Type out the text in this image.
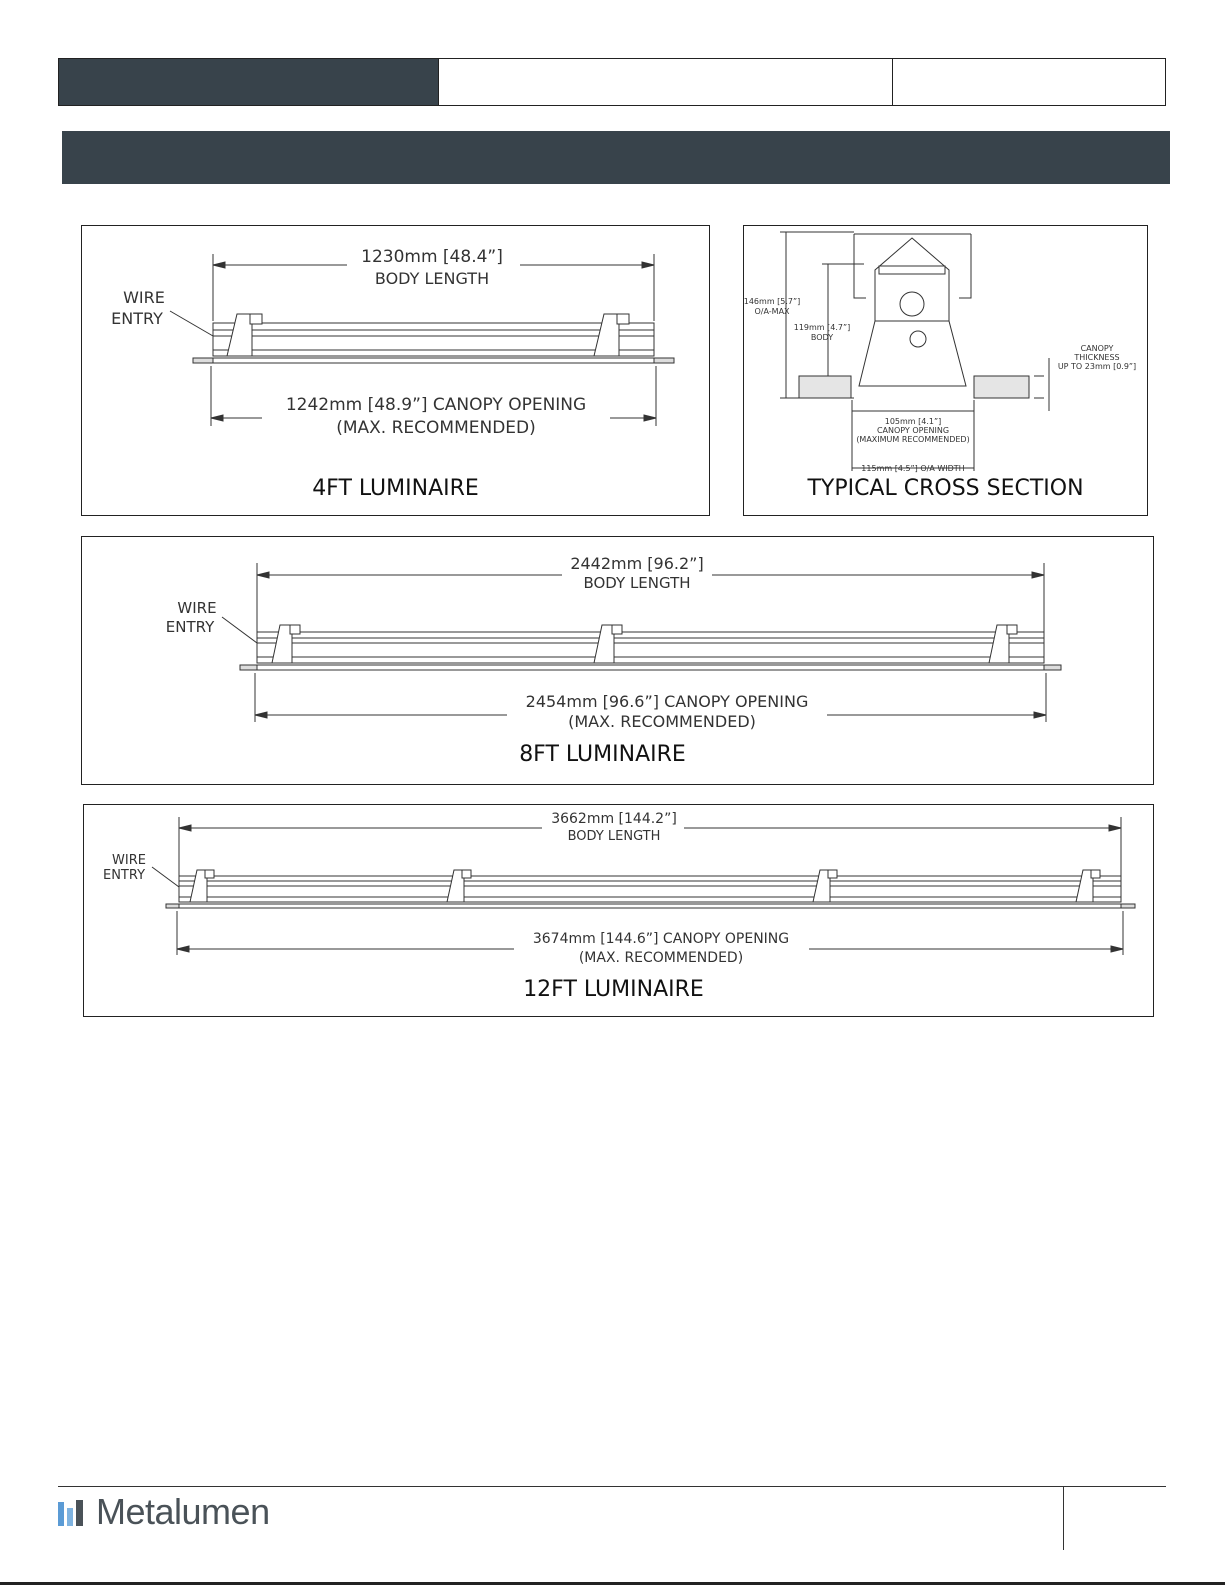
1230mm [48.4”]
BODY LENGTH
WIRE
ENTRY
1242mm [48.9”] CANOPY OPENING
(MAX. RECOMMENDED)
4FT LUMINAIRE
146mm [5.7”]
O/A-MAX
119mm [4.7”]
BODY
CANOPY
THICKNESS
UP TO 23mm [0.9”]
105mm [4.1”]
CANOPY OPENING
(MAXIMUM RECOMMENDED)
115mm [4.5”] O/A WIDTH
TYPICAL CROSS SECTION
2442mm [96.2”]
BODY LENGTH
WIRE
ENTRY
2454mm [96.6”] CANOPY OPENING
(MAX. RECOMMENDED)
8FT LUMINAIRE
3662mm [144.2”]
BODY LENGTH
WIRE
ENTRY
3674mm [144.6”] CANOPY OPENING
(MAX. RECOMMENDED)
12FT LUMINAIRE
Metalumen
